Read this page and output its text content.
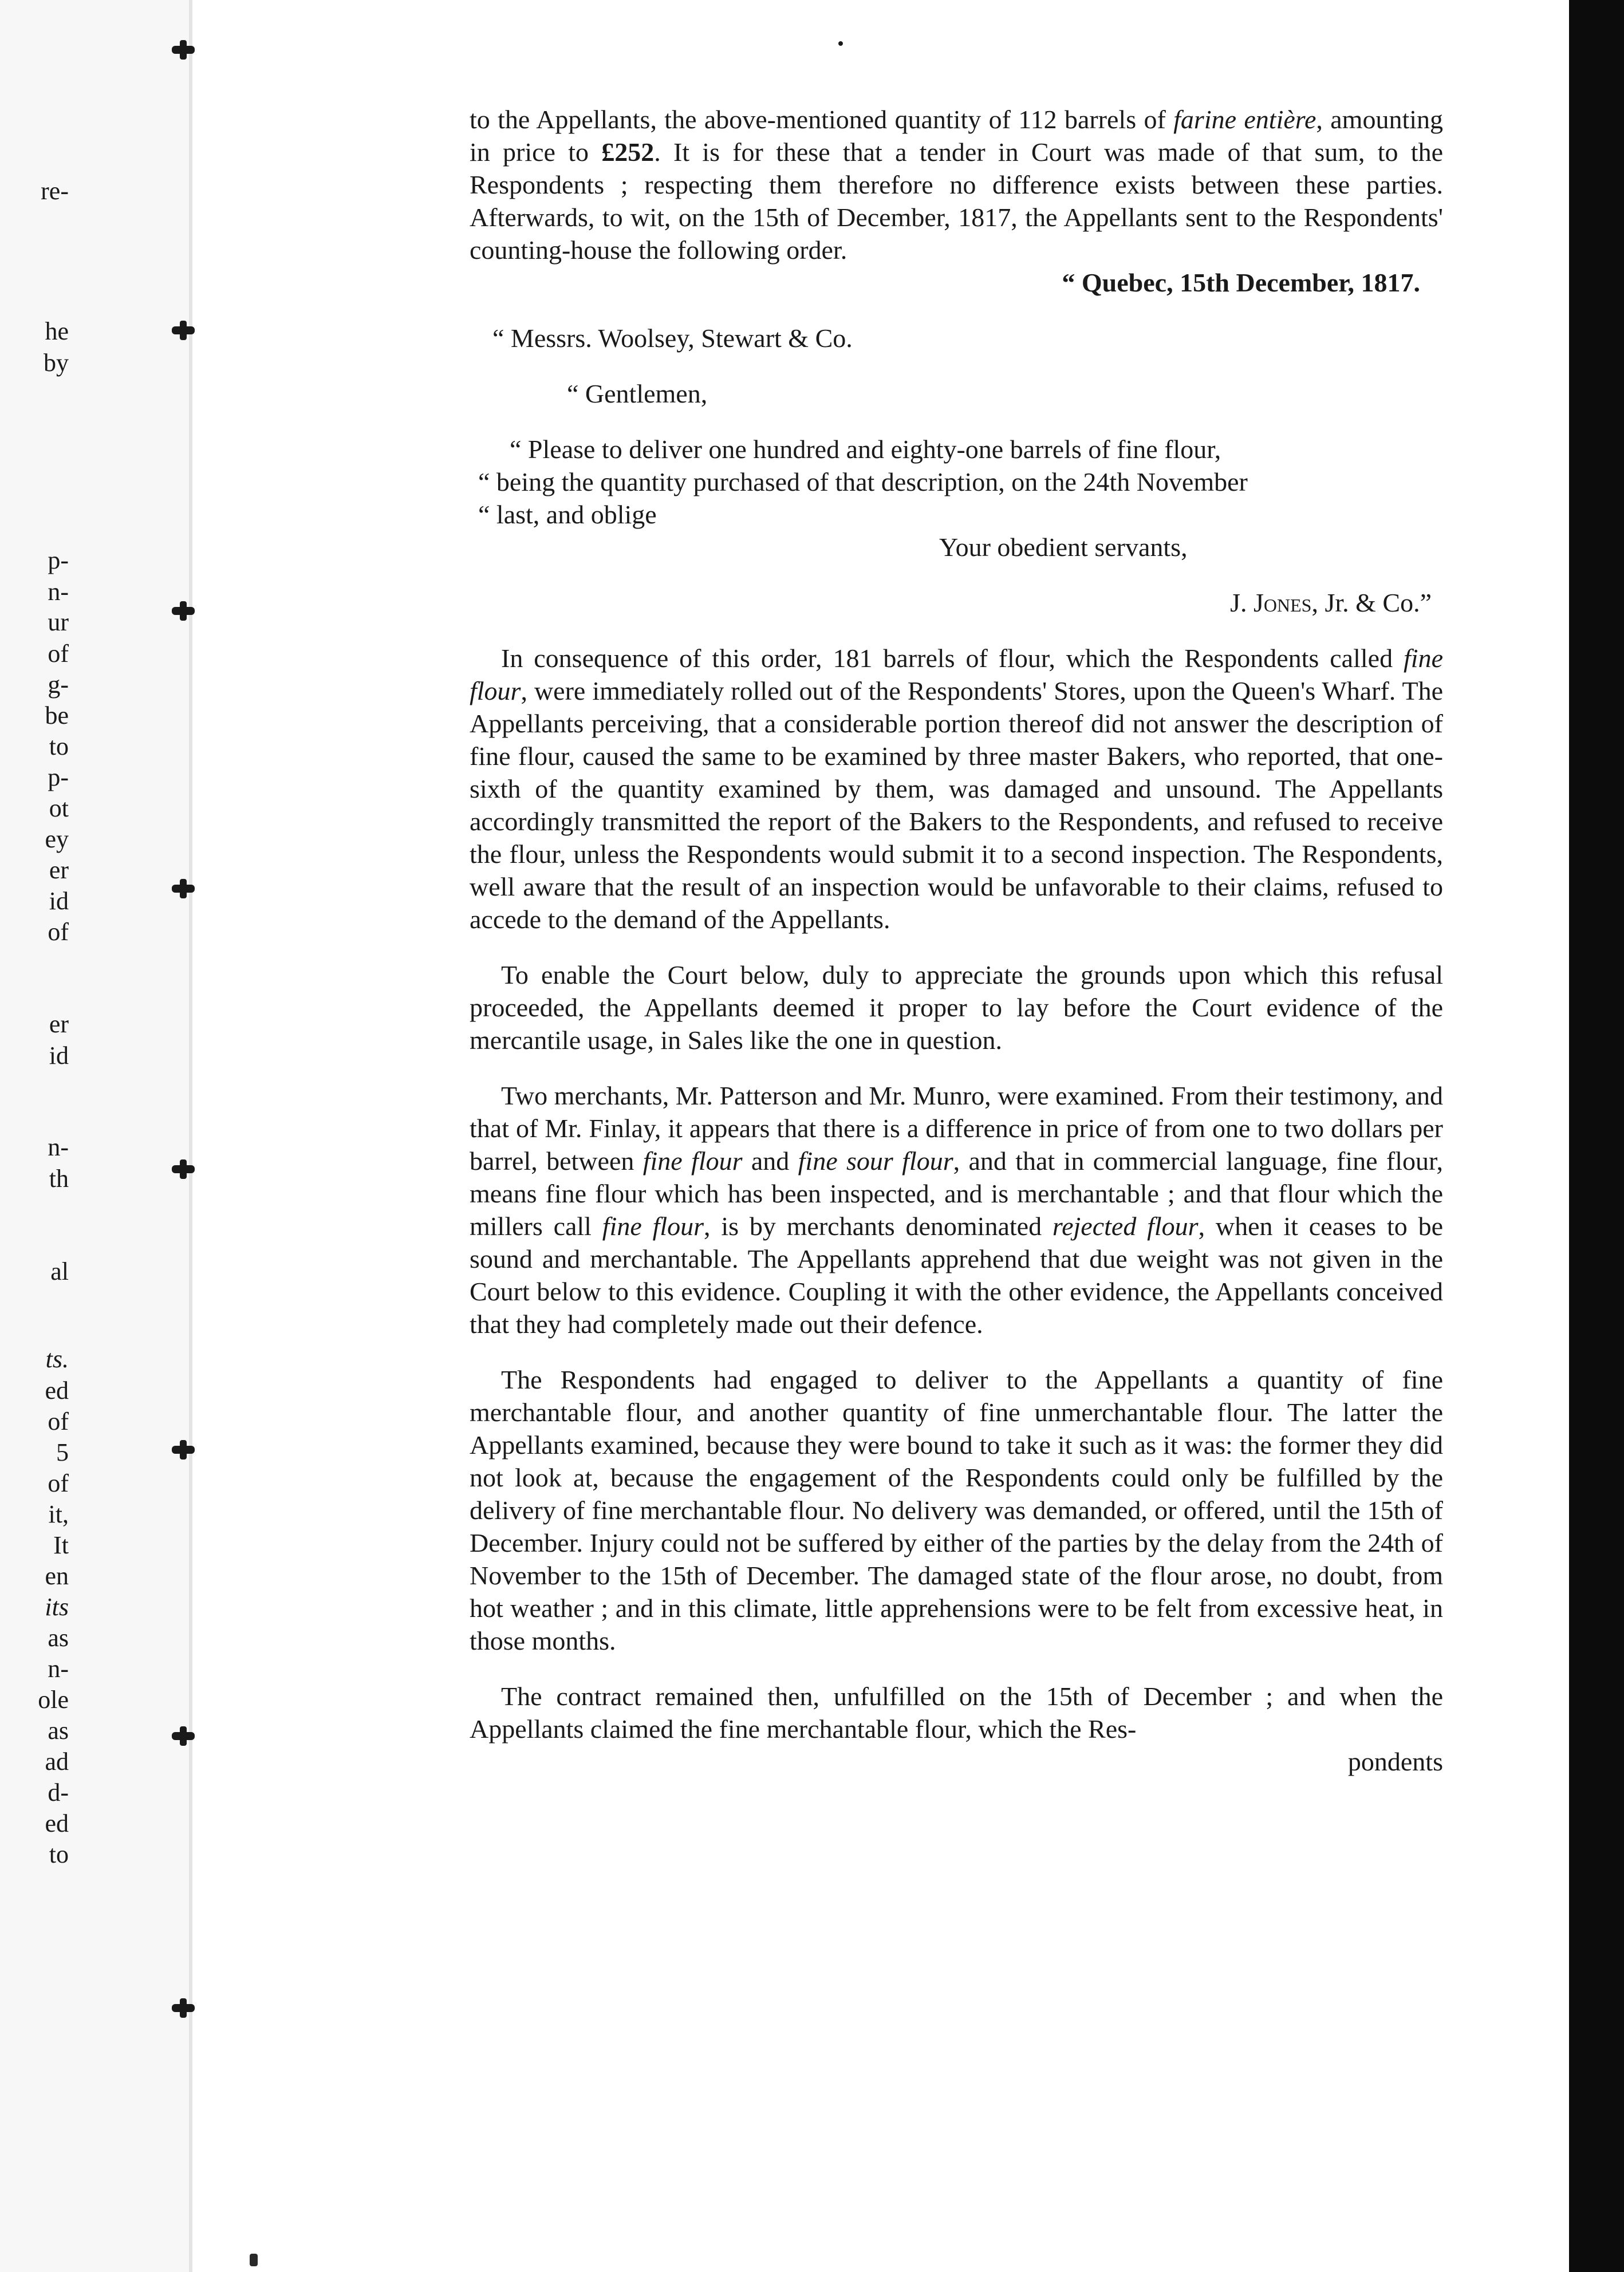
re-
he
by
p-
n-
ur
of
g-
be
to
p-
ot
ey
er
id
of
er
id
n-
th
al
ts.
ed
of
5
of
it,
It
en
its
as
n-
ole
as
ad
d-
ed
to

to the Appellants, the above-mentioned quantity of 112 barrels of farine entière, amounting in price to £252. It is for these that a tender in Court was made of that sum, to the Respondents ; respecting them therefore no difference exists between these parties. Afterwards, to wit, on the 15th of December, 1817, the Appellants sent to the Respondents' counting-house the following order.

“ Quebec, 15th December, 1817.

“ Messrs. Woolsey, Stewart & Co.

“ Gentlemen,

“ Please to deliver one hundred and eighty-one barrels of fine flour,

“ being the quantity purchased of that description, on the 24th November

“ last, and oblige

Your obedient servants,

J. Jones, Jr. & Co.”

In consequence of this order, 181 barrels of flour, which the Respondents called fine flour, were immediately rolled out of the Respondents' Stores, upon the Queen's Wharf. The Appellants perceiving, that a considerable portion thereof did not answer the description of fine flour, caused the same to be examined by three master Bakers, who reported, that one-sixth of the quantity examined by them, was damaged and unsound. The Appellants accordingly transmitted the report of the Bakers to the Respondents, and refused to receive the flour, unless the Respondents would submit it to a second inspection. The Respondents, well aware that the result of an inspection would be unfavorable to their claims, refused to accede to the demand of the Appellants.

To enable the Court below, duly to appreciate the grounds upon which this refusal proceeded, the Appellants deemed it proper to lay before the Court evidence of the mercantile usage, in Sales like the one in question.

Two merchants, Mr. Patterson and Mr. Munro, were examined. From their testimony, and that of Mr. Finlay, it appears that there is a difference in price of from one to two dollars per barrel, between fine flour and fine sour flour, and that in commercial language, fine flour, means fine flour which has been inspected, and is merchantable ; and that flour which the millers call fine flour, is by merchants denominated rejected flour, when it ceases to be sound and merchantable. The Appellants apprehend that due weight was not given in the Court below to this evidence. Coupling it with the other evidence, the Appellants conceived that they had completely made out their defence.

The Respondents had engaged to deliver to the Appellants a quantity of fine merchantable flour, and another quantity of fine unmerchantable flour. The latter the Appellants examined, because they were bound to take it such as it was: the former they did not look at, because the engagement of the Respondents could only be fulfilled by the delivery of fine merchantable flour. No delivery was demanded, or offered, until the 15th of December. Injury could not be suffered by either of the parties by the delay from the 24th of November to the 15th of December. The damaged state of the flour arose, no doubt, from hot weather ; and in this climate, little apprehensions were to be felt from excessive heat, in those months.

The contract remained then, unfulfilled on the 15th of December ; and when the Appellants claimed the fine merchantable flour, which the Res-

pondents
